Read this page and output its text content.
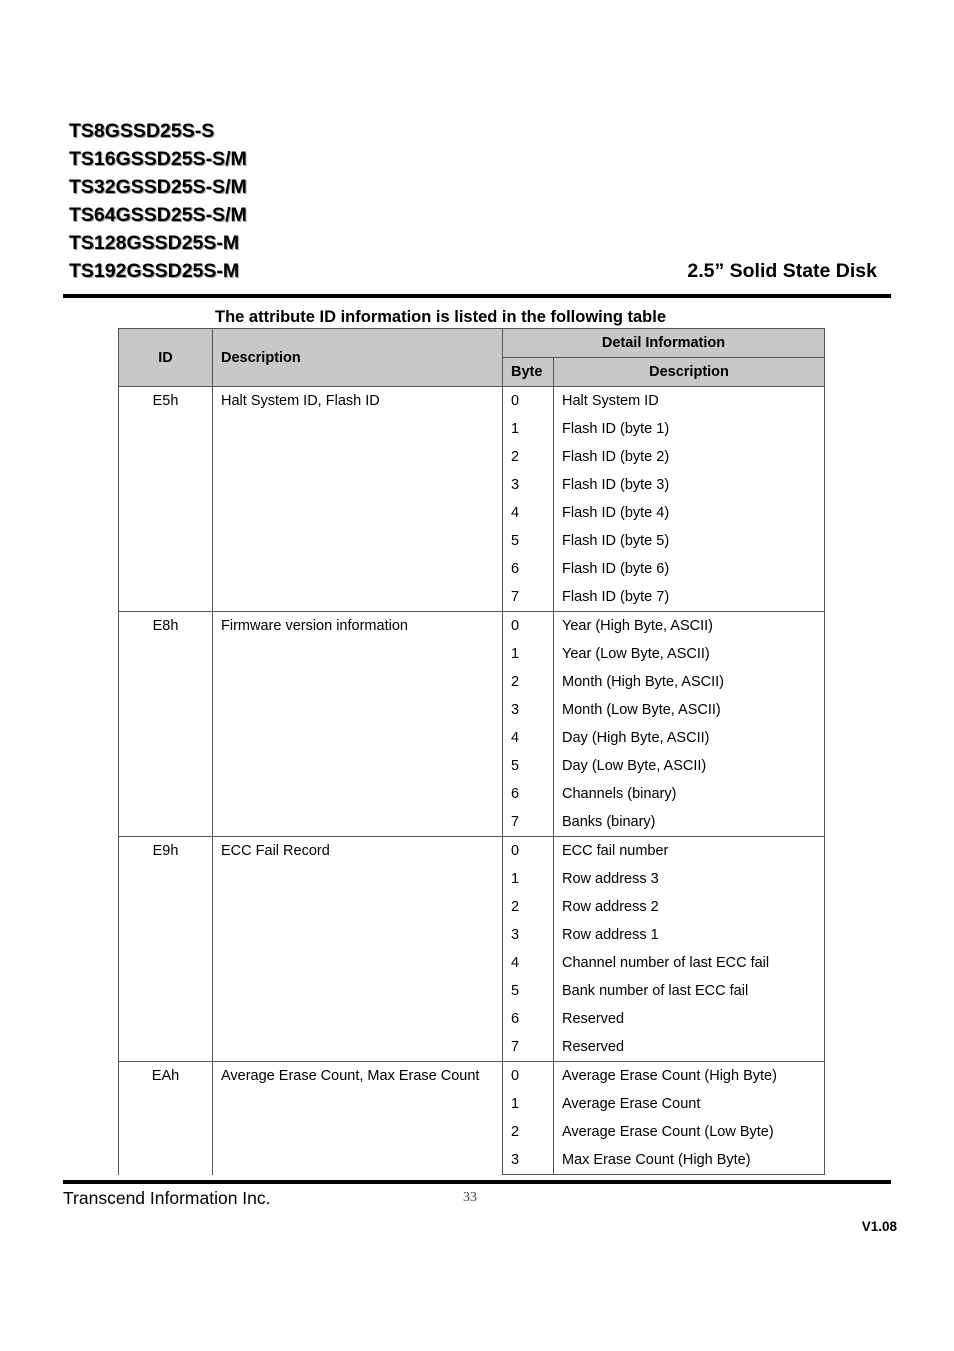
TS8GSSD25S-S
TS16GSSD25S-S/M
TS32GSSD25S-S/M
TS64GSSD25S-S/M
TS128GSSD25S-M
TS192GSSD25S-M	2.5” Solid State Disk
The attribute ID information is listed in the following table
ID	Description	Detail Information	
		Byte	Description
E5h	Halt System ID, Flash ID	0	Halt System ID
		1	Flash ID (byte 1)
		2	Flash ID (byte 2)
		3	Flash ID (byte 3)
		4	Flash ID (byte 4)
		5	Flash ID (byte 5)
		6	Flash ID (byte 6)
		7	Flash ID (byte 7)
E8h	Firmware version information	0	Year (High Byte, ASCII)
		1	Year (Low Byte, ASCII)
		2	Month (High Byte, ASCII)
		3	Month (Low Byte, ASCII)
		4	Day (High Byte, ASCII)
		5	Day (Low Byte, ASCII)
		6	Channels (binary)
		7	Banks (binary)
E9h	ECC Fail Record	0	ECC fail number
		1	Row address 3
		2	Row address 2
		3	Row address 1
		4	Channel number of last ECC fail
		5	Bank number of last ECC fail
		6	Reserved
		7	Reserved
EAh	Average Erase Count, Max Erase Count	0	Average Erase Count (High Byte)
		1	Average Erase Count
		2	Average Erase Count (Low Byte)
		3	Max Erase Count (High Byte)
Transcend Information Inc.	33
V1.08
